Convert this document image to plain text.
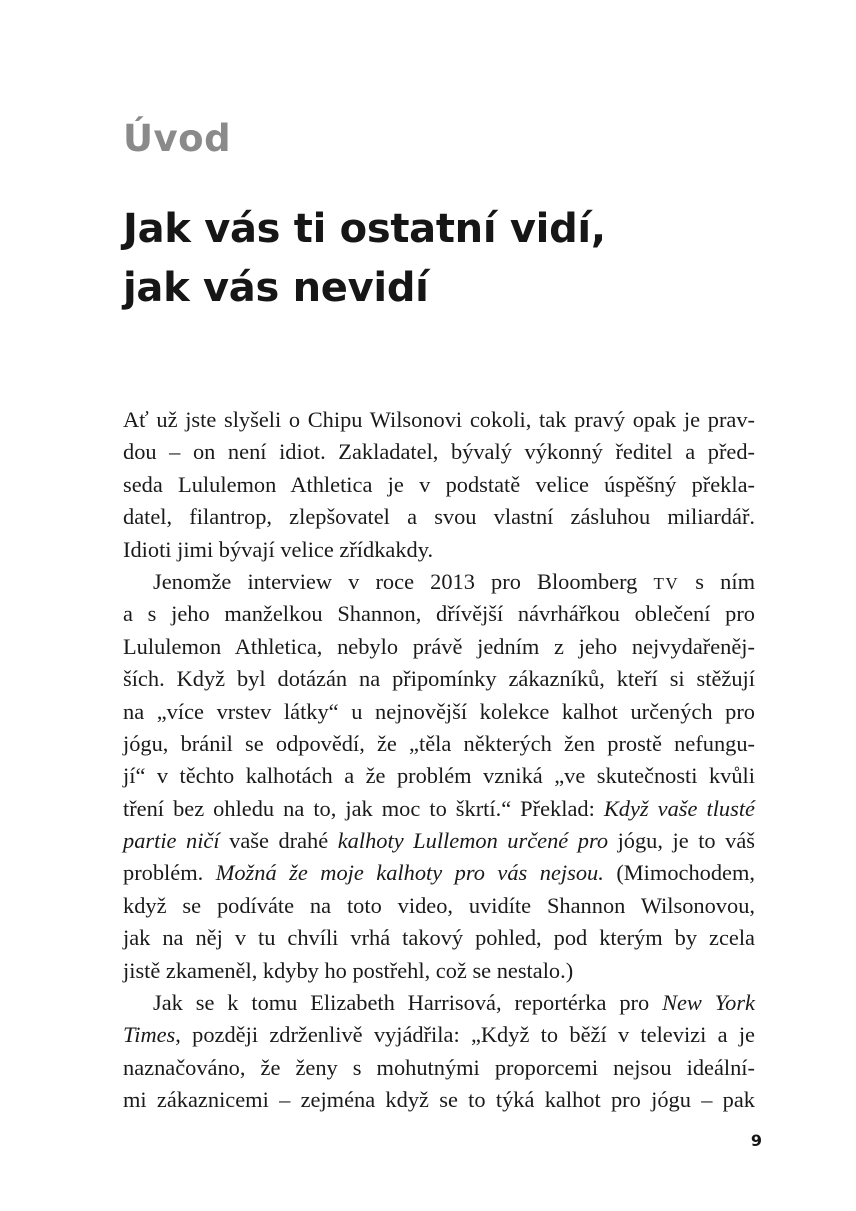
Úvod
Jak vás ti ostatní vidí,
jak vás nevidí
Ať už jste slyšeli o Chipu Wilsonovi cokoli, tak pravý opak je prav-
dou – on není idiot. Zakladatel, bývalý výkonný ředitel a před-
seda Lululemon Athletica je v podstatě velice úspěšný překla-
datel, filantrop, zlepšovatel a svou vlastní zásluhou miliardář.
Idioti jimi bývají velice zřídkakdy.
Jenomže interview v roce 2013 pro Bloomberg TV s ním
a s jeho manželkou Shannon, dřívější návrhářkou oblečení pro
Lululemon Athletica, nebylo právě jedním z jeho nejvydařeněj-
ších. Když byl dotázán na připomínky zákazníků, kteří si stěžují
na „více vrstev látky“ u nejnovější kolekce kalhot určených pro
jógu, bránil se odpovědí, že „těla některých žen prostě nefungu-
jí“ v těchto kalhotách a že problém vzniká „ve skutečnosti kvůli
tření bez ohledu na to, jak moc to škrtí.“ Překlad: Když vaše tlusté
partie ničí vaše drahé kalhoty Lullemon určené pro jógu, je to váš
problém. Možná že moje kalhoty pro vás nejsou. (Mimochodem,
když se podíváte na toto video, uvidíte Shannon Wilsonovou,
jak na něj v tu chvíli vrhá takový pohled, pod kterým by zcela
jistě zkameněl, kdyby ho postřehl, což se nestalo.)
Jak se k tomu Elizabeth Harrisová, reportérka pro New York
Times, později zdrženlivě vyjádřila: „Když to běží v televizi a je
naznačováno, že ženy s mohutnými proporcemi nejsou ideální-
mi zákaznicemi – zejména když se to týká kalhot pro jógu – pak

9
